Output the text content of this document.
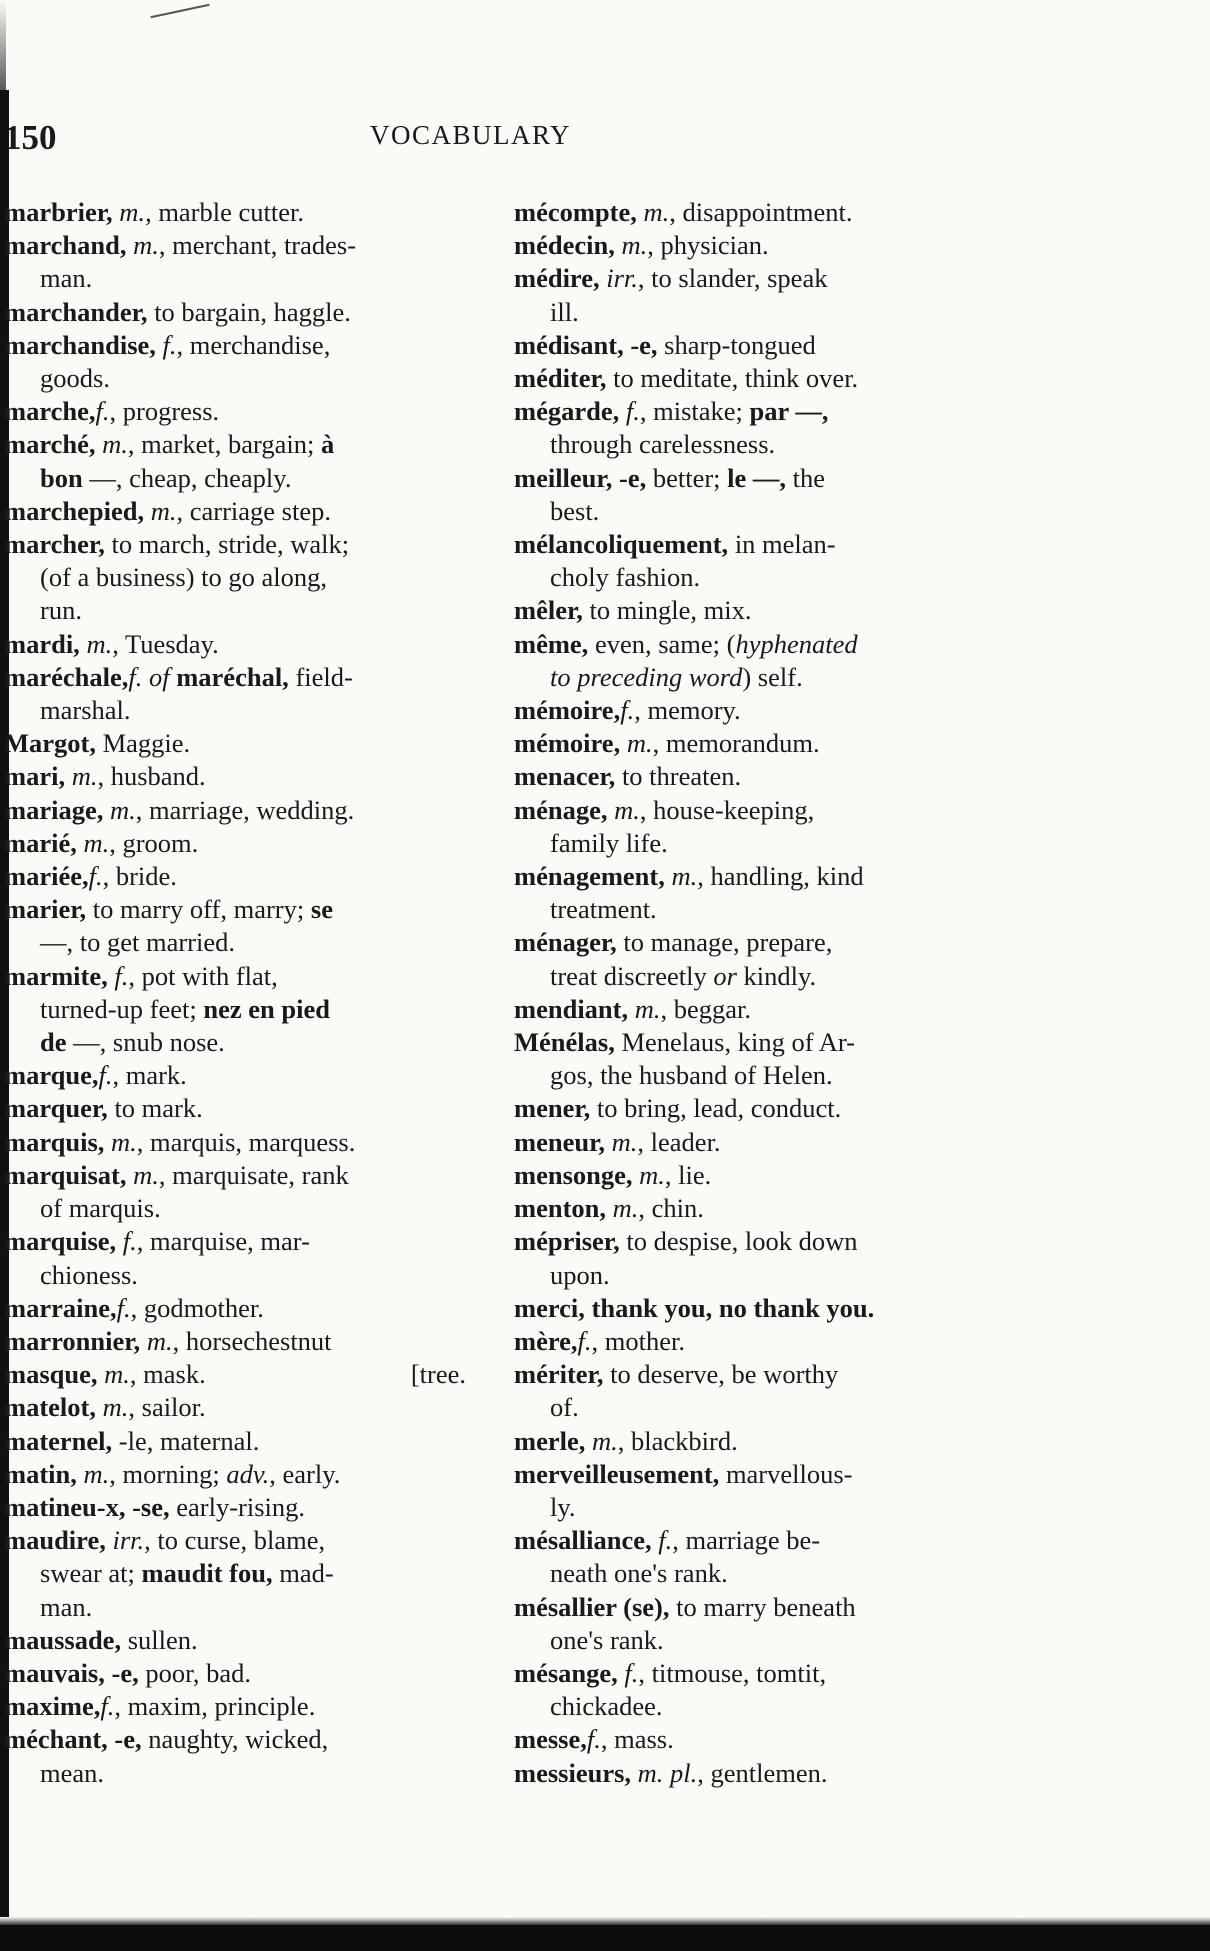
150	VOCABULARY
marbrier, m., marble cutter.
marchand, m., merchant, trades-
man.
marchander, to bargain, haggle.
marchandise, f., merchandise,
goods.
marche,f., progress.
marché, m., market, bargain; à
bon —, cheap, cheaply.
marchepied, m., carriage step.
marcher, to march, stride, walk;
(of a business) to go along,
run.
mardi, m., Tuesday.
maréchale,f. of maréchal, field-
marshal.
Margot, Maggie.
mari, m., husband.
mariage, m., marriage, wedding.
marié, m., groom.
mariée,f., bride.
marier, to marry off, marry; se
—, to get married.
marmite, f., pot with flat,
turned-up feet; nez en pied
de —, snub nose.
marque,f., mark.
marquer, to mark.
marquis, m., marquis, marquess.
marquisat, m., marquisate, rank
of marquis.
marquise, f., marquise, mar-
chioness.
marraine,f., godmother.
marronnier, m., horsechestnut
masque, m., mask.	[tree.
matelot, m., sailor.
maternel, -le, maternal.
matin, m., morning; adv., early.
matineu-x, -se, early-rising.
maudire, irr., to curse, blame,
swear at; maudit fou, mad-
man.
maussade, sullen.
mauvais, -e, poor, bad.
maxime,f., maxim, principle.
méchant, -e, naughty, wicked,
mean.
mécompte, m., disappointment.
médecin, m., physician.
médire, irr., to slander, speak
ill.
médisant, -e, sharp-tongued
méditer, to meditate, think over.
mégarde, f., mistake; par —,
through carelessness.
meilleur, -e, better; le —, the
best.
mélancoliquement, in melan-
choly fashion.
mêler, to mingle, mix.
même, even, same; (hyphenated
to preceding word) self.
mémoire,f., memory.
mémoire, m., memorandum.
menacer, to threaten.
ménage, m., house-keeping,
family life.
ménagement, m., handling, kind
treatment.
ménager, to manage, prepare,
treat discreetly or kindly.
mendiant, m., beggar.
Ménélas, Menelaus, king of Ar-
gos, the husband of Helen.
mener, to bring, lead, conduct.
meneur, m., leader.
mensonge, m., lie.
menton, m., chin.
mépriser, to despise, look down
upon.
merci, thank you, no thank you.
mère,f., mother.
mériter, to deserve, be worthy
of.
merle, m., blackbird.
merveilleusement, marvellous-
ly.
mésalliance, f., marriage be-
neath one's rank.
mésallier (se), to marry beneath
one's rank.
mésange, f., titmouse, tomtit,
chickadee.
messe,f., mass.
messieurs, m. pl., gentlemen.
